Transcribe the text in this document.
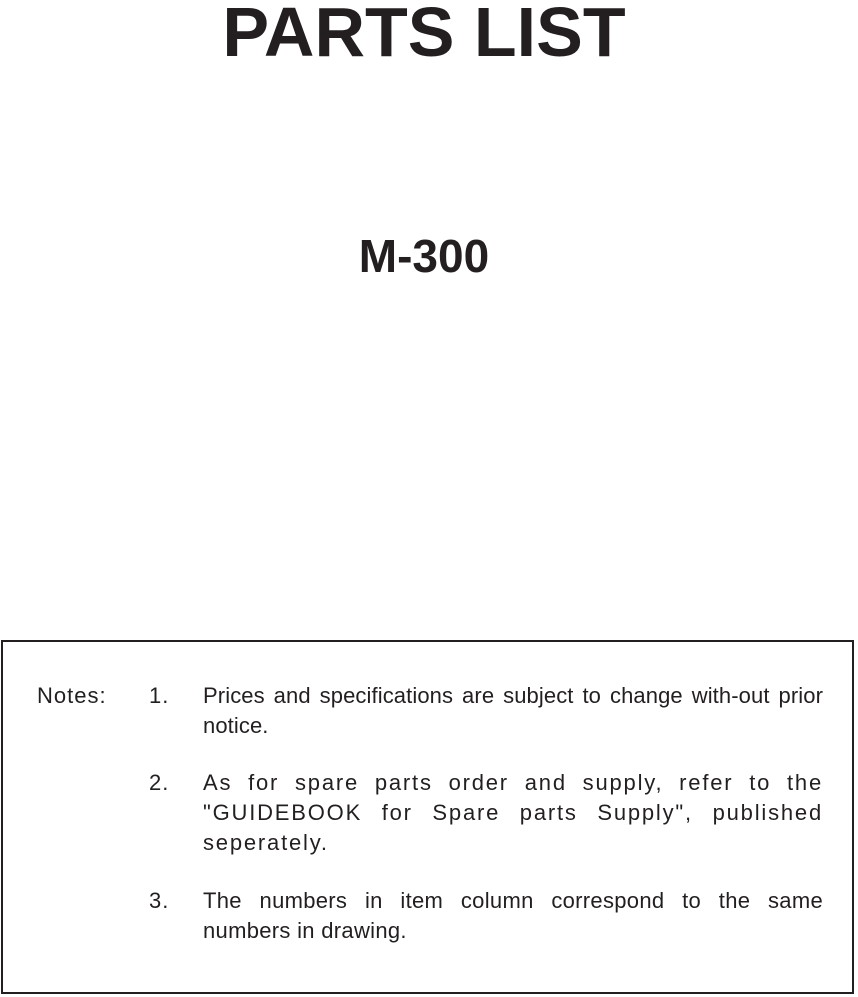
PARTS LIST
M-300
Notes: 1. Prices and specifications are subject to change with-out prior notice.
2. As for spare parts order and supply, refer to the "GUIDEBOOK for Spare parts Supply", published seperately.
3. The numbers in item column correspond to the same numbers in drawing.
